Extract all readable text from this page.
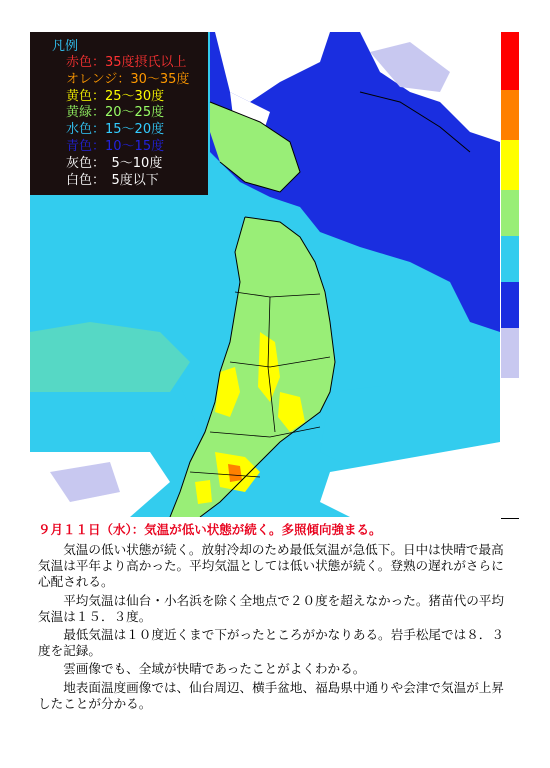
凡例
赤色：35度摂氏以上
オレンジ：30～35度
黄色：25～30度
黄緑：20～25度
水色：15～20度
青色：10～15度
灰色：　5～10度
白色：　5度以下
９月１１日（水）：気温が低い状態が続く。多照傾向強まる。

気温の低い状態が続く。放射冷却のため最低気温が急低下。日中は快晴で最高気温は平年より高かった。平均気温としては低い状態が続く。登熟の遅れがさらに心配される。

平均気温は仙台・小名浜を除く全地点で２０度を超えなかった。猪苗代の平均気温は１５．３度。

最低気温は１０度近くまで下がったところがかなりある。岩手松尾では８．３度を記録。

雲画像でも、全域が快晴であったことがよくわかる。

地表面温度画像では、仙台周辺、横手盆地、福島県中通りや会津で気温が上昇したことが分かる。
